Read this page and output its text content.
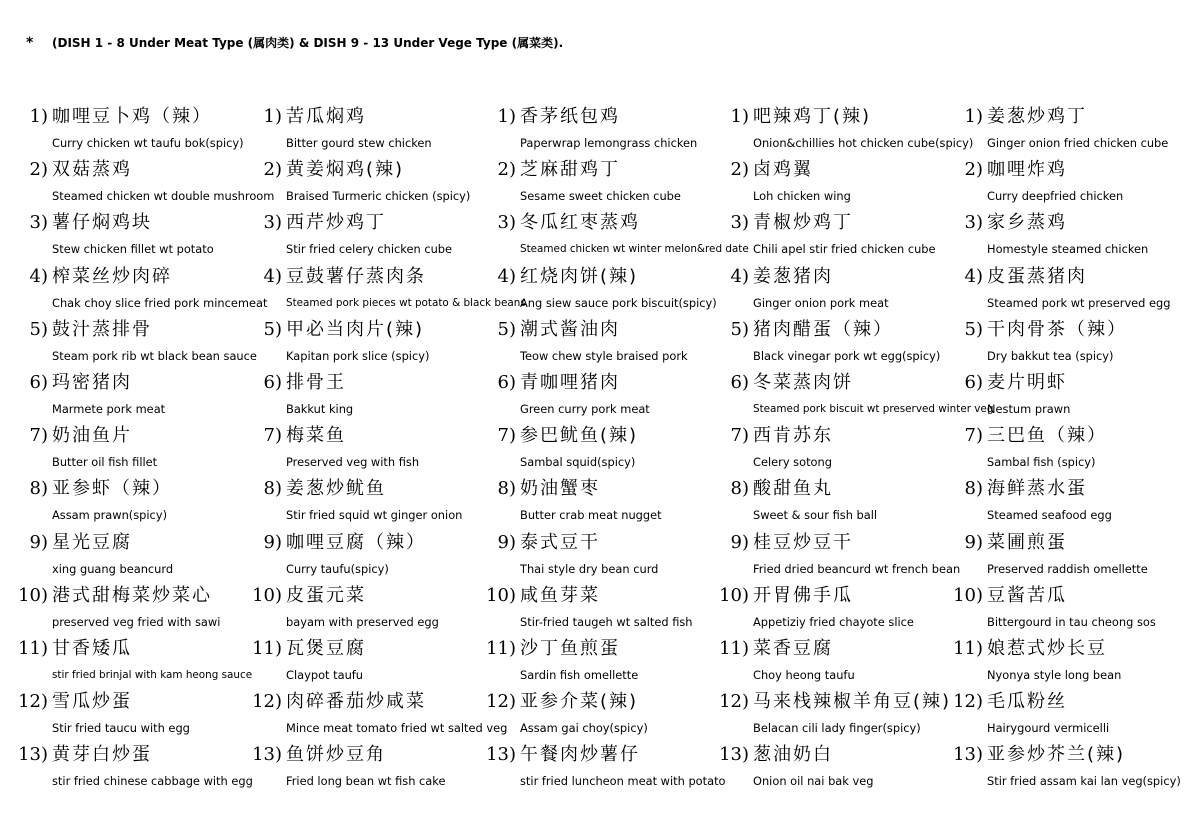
* (DISH 1 - 8 Under Meat Type (属肉类) & DISH 9 - 13 Under Vege Type (属菜类).
1) 咖哩豆卜鸡（辣）
Curry chicken wt taufu bok(spicy)
2) 双菇蒸鸡
Steamed chicken wt double mushroom
3) 薯仔焖鸡块
Stew chicken fillet wt potato
4) 榨菜丝炒肉碎
Chak choy slice fried pork mincemeat
5) 鼓汁蒸排骨
Steam pork rib wt black bean sauce
6) 玛密猪肉
Marmete pork meat
7) 奶油鱼片
Butter oil fish fillet
8) 亚参虾（辣）
Assam prawn(spicy)
9) 星光豆腐
xing guang beancurd
10) 港式甜梅菜炒菜心
preserved veg fried with sawi
11) 甘香矮瓜
stir fried brinjal with kam heong sauce
12) 雪瓜炒蛋
Stir fried taucu with egg
13) 黄芽白炒蛋
stir fried chinese cabbage with egg
1) 苦瓜焖鸡
Bitter gourd stew chicken
2) 黄姜焖鸡(辣)
Braised Turmeric chicken (spicy)
3) 西芹炒鸡丁
Stir fried celery chicken cube
4) 豆鼓薯仔蒸肉条
Steamed pork pieces wt potato & black beans
5) 甲必当肉片(辣)
Kapitan pork slice (spicy)
6) 排骨王
Bakkut king
7) 梅菜鱼
Preserved veg with fish
8) 姜葱炒鱿鱼
Stir fried squid wt ginger onion
9) 咖哩豆腐（辣）
Curry taufu(spicy)
10) 皮蛋元菜
bayam with preserved egg
11) 瓦煲豆腐
Claypot taufu
12) 肉碎番茄炒咸菜
Mince meat tomato fried wt salted veg
13) 鱼饼炒豆角
Fried long bean wt fish cake
1) 香茅纸包鸡
Paperwrap lemongrass chicken
2) 芝麻甜鸡丁
Sesame sweet chicken cube
3) 冬瓜红枣蒸鸡
Steamed chicken wt winter melon&red date
4) 红烧肉饼(辣)
Ang siew sauce pork biscuit(spicy)
5) 潮式酱油肉
Teow chew style braised pork
6) 青咖哩猪肉
Green curry pork meat
7) 参巴鱿鱼(辣)
Sambal squid(spicy)
8) 奶油蟹枣
Butter crab meat nugget
9) 泰式豆干
Thai style dry bean curd
10) 咸鱼芽菜
Stir-fried taugeh wt salted fish
11) 沙丁鱼煎蛋
Sardin fish omellette
12) 亚参介菜(辣)
Assam gai choy(spicy)
13) 午餐肉炒薯仔
stir fried luncheon meat with potato
1) 吧辣鸡丁(辣)
Onion&chillies hot chicken cube(spicy)
2) 卤鸡翼
Loh chicken wing
3) 青椒炒鸡丁
Chili apel stir fried chicken cube
4) 姜葱猪肉
Ginger onion pork meat
5) 猪肉醋蛋（辣）
Black vinegar pork wt egg(spicy)
6) 冬菜蒸肉饼
Steamed pork biscuit wt preserved winter veg
7) 西肯苏东
Celery sotong
8) 酸甜鱼丸
Sweet & sour fish ball
9) 桂豆炒豆干
Fried dried beancurd wt french bean
10) 开胃佛手瓜
Appetiziy fried chayote slice
11) 菜香豆腐
Choy heong taufu
12) 马来栈辣椒羊角豆(辣)
Belacan cili lady finger(spicy)
13) 葱油奶白
Onion oil nai bak veg
1) 姜葱炒鸡丁
Ginger onion fried chicken cube
2) 咖哩炸鸡
Curry deepfried chicken
3) 家乡蒸鸡
Homestyle steamed chicken
4) 皮蛋蒸猪肉
Steamed pork wt preserved egg
5) 干肉骨茶（辣）
Dry bakkut tea (spicy)
6) 麦片明虾
Nestum prawn
7) 三巴鱼（辣）
Sambal fish (spicy)
8) 海鲜蒸水蛋
Steamed seafood egg
9) 菜圃煎蛋
Preserved raddish omellette
10) 豆酱苦瓜
Bittergourd in tau cheong sos
11) 娘惹式炒长豆
Nyonya style long bean
12) 毛瓜粉丝
Hairygourd vermicelli
13) 亚参炒芥兰(辣)
Stir fried assam kai lan veg(spicy)
